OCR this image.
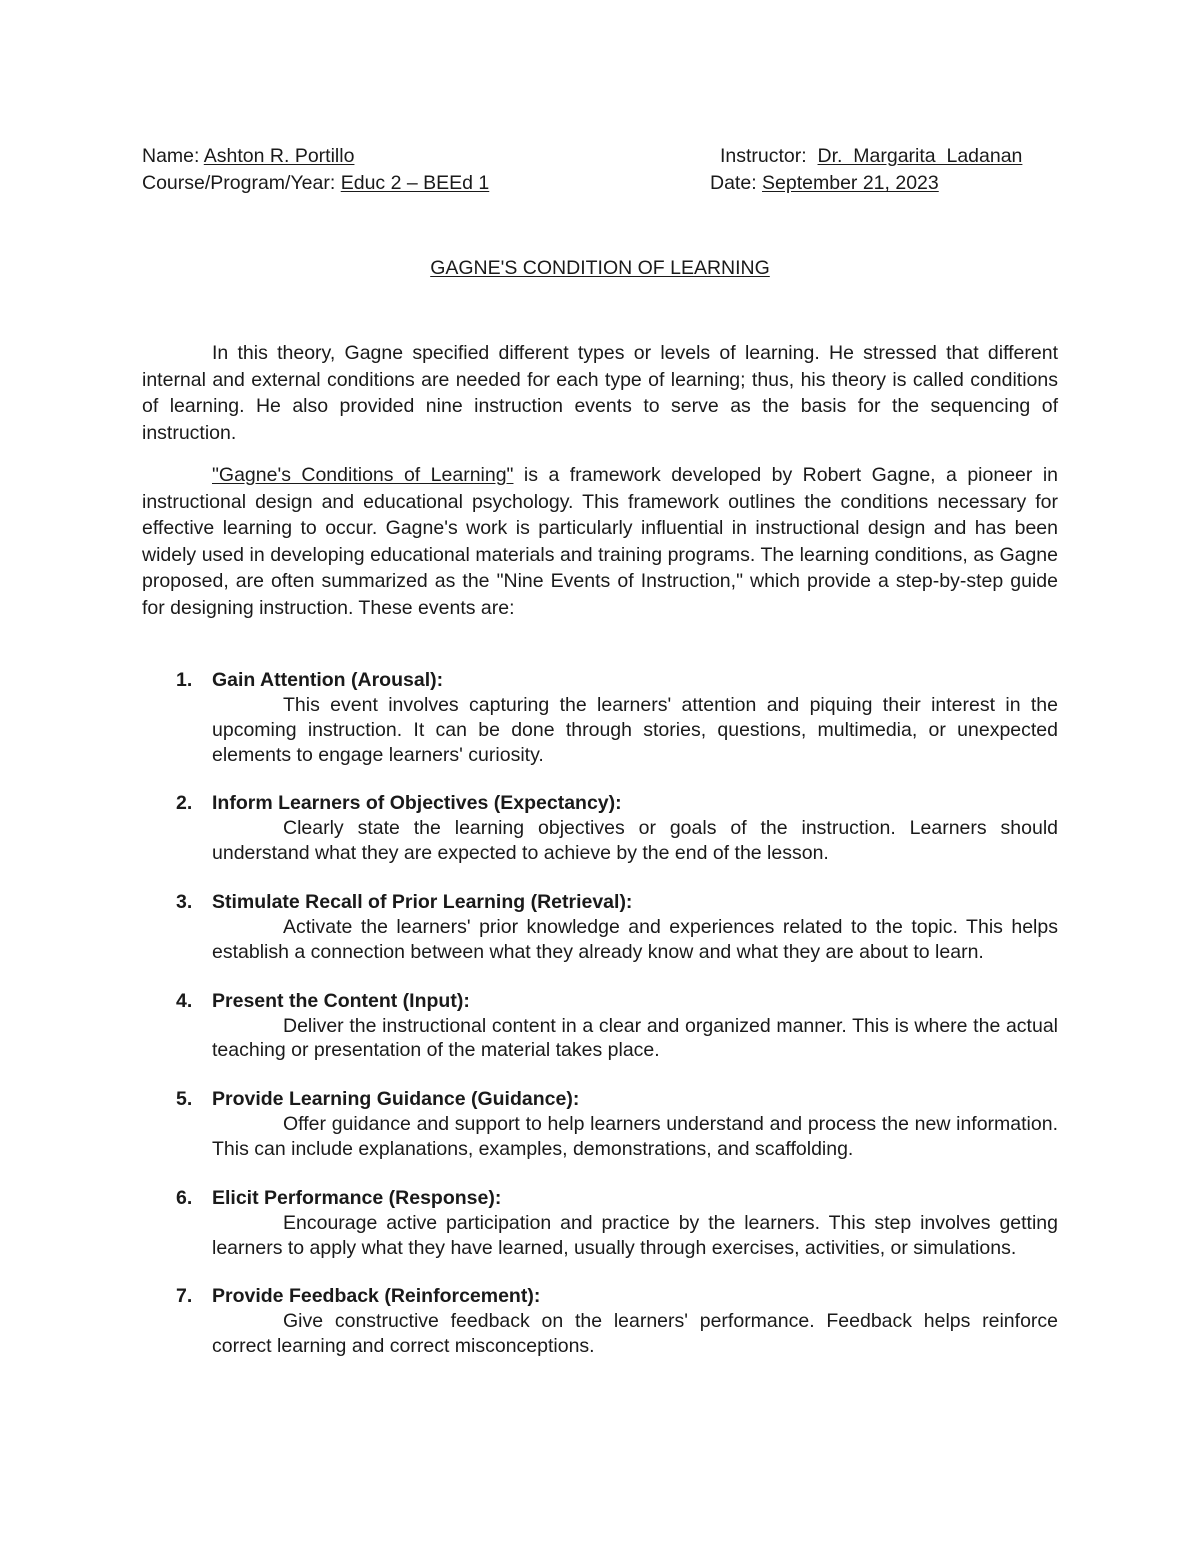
Name: Ashton R. Portillo
Course/Program/Year: Educ 2 – BEEd 1
Instructor:  Dr.  Margarita  Ladanan
Date: September 21, 2023
GAGNE'S CONDITION OF LEARNING

In this theory, Gagne specified different types or levels of learning. He stressed that different internal and external conditions are needed for each type of learning; thus, his theory is called conditions of learning. He also provided nine instruction events to serve as the basis for the sequencing of instruction.

"Gagne's Conditions of Learning" is a framework developed by Robert Gagne, a pioneer in instructional design and educational psychology. This framework outlines the conditions necessary for effective learning to occur. Gagne's work is particularly influential in instructional design and has been widely used in developing educational materials and training programs. The learning conditions, as Gagne proposed, are often summarized as the "Nine Events of Instruction," which provide a step-by-step guide for designing instruction. These events are:

1. Gain Attention (Arousal):
This event involves capturing the learners' attention and piquing their interest in the upcoming instruction. It can be done through stories, questions, multimedia, or unexpected elements to engage learners' curiosity.
2. Inform Learners of Objectives (Expectancy):
Clearly state the learning objectives or goals of the instruction. Learners should understand what they are expected to achieve by the end of the lesson.
3. Stimulate Recall of Prior Learning (Retrieval):
Activate the learners' prior knowledge and experiences related to the topic. This helps establish a connection between what they already know and what they are about to learn.
4. Present the Content (Input):
Deliver the instructional content in a clear and organized manner. This is where the actual teaching or presentation of the material takes place.
5. Provide Learning Guidance (Guidance):
Offer guidance and support to help learners understand and process the new information. This can include explanations, examples, demonstrations, and scaffolding.
6. Elicit Performance (Response):
Encourage active participation and practice by the learners. This step involves getting learners to apply what they have learned, usually through exercises, activities, or simulations.
7. Provide Feedback (Reinforcement):
Give constructive feedback on the learners' performance. Feedback helps reinforce correct learning and correct misconceptions.
